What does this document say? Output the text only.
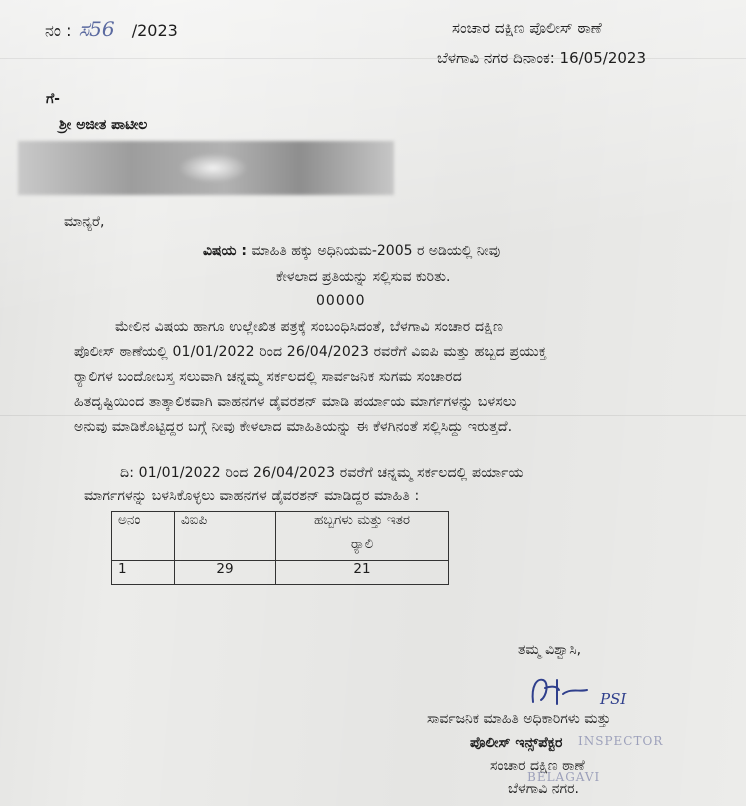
ನಂ : ಸ56 /2023	ಸಂಚಾರ ದಕ್ಷಿಣ ಪೊಲೀಸ್ ಠಾಣೆ
ಬೆಳಗಾವಿ ನಗರ ದಿನಾಂಕ: 16/05/2023
ಗೆ-
ಶ್ರೀ ಅಜೀತ ಪಾಟೀಲ
ಮಾನ್ಯರೆ,
ವಿಷಯ : ಮಾಹಿತಿ ಹಕ್ಕು ಅಧಿನಿಯಮ-2005 ರ ಅಡಿಯಲ್ಲಿ ನೀವು
ಕೇಳಲಾದ ಪ್ರತಿಯನ್ನು ಸಲ್ಲಿಸುವ ಕುರಿತು.
00000
ಮೇಲಿನ ವಿಷಯ ಹಾಗೂ ಉಲ್ಲೇಖಿತ ಪತ್ರಕ್ಕೆ ಸಂಬಂಧಿಸಿದಂತೆ, ಬೆಳಗಾವಿ ಸಂಚಾರ ದಕ್ಷಿಣ
ಪೊಲೀಸ್ ಠಾಣೆಯಲ್ಲಿ 01/01/2022 ರಿಂದ 26/04/2023 ರವರೆಗೆ ವಿಐಪಿ ಮತ್ತು ಹಬ್ಬದ ಪ್ರಯುಕ್ತ
ರ್‍ಯಾಲಿಗಳ ಬಂದೋಬಸ್ತ ಸಲುವಾಗಿ ಚನ್ನಮ್ಮ ಸರ್ಕಲದಲ್ಲಿ ಸಾರ್ವಜನಿಕ ಸುಗಮ ಸಂಚಾರದ
ಹಿತದೃಷ್ಟಿಯಿಂದ ತಾತ್ಕಾಲಿಕವಾಗಿ ವಾಹನಗಳ ಡೈವರಶನ್ ಮಾಡಿ ಪರ್ಯಾಯ ಮಾರ್ಗಗಳನ್ನು ಬಳಸಲು
ಅನುವು ಮಾಡಿಕೊಟ್ಟಿದ್ದರ ಬಗ್ಗೆ ನೀವು ಕೇಳಲಾದ ಮಾಹಿತಿಯನ್ನು ಈ ಕೆಳಗಿನಂತೆ ಸಲ್ಲಿಸಿದ್ದು ಇರುತ್ತದೆ.
ದಿ: 01/01/2022 ರಿಂದ 26/04/2023 ರವರೆಗೆ ಚನ್ನಮ್ಮ ಸರ್ಕಲದಲ್ಲಿ ಪರ್ಯಾಯ
ಮಾರ್ಗಗಳನ್ನು ಬಳಸಿಕೊಳ್ಳಲು ವಾಹನಗಳ ಡೈವರಶನ್ ಮಾಡಿದ್ದರ ಮಾಹಿತಿ :
ಅನಂ	ವಿಐಪಿ	ಹಬ್ಬಗಳು ಮತ್ತು ಇತರ
ರ್‍ಯಾಲಿ

1	29	21
ತಮ್ಮ ವಿಶ್ವಾಸಿ,
PSI
ಸಾರ್ವಜನಿಕ ಮಾಹಿತಿ ಅಧಿಕಾರಿಗಳು ಮತ್ತು
ಪೊಲೀಸ್ ಇನ್ಸ್‌ಪೆಕ್ಟರ INSPECTOR
ಸಂಚಾರ ದಕ್ಷಿಣ ಠಾಣೆ
BELAGAVI
ಬೆಳಗಾವಿ ನಗರ.
